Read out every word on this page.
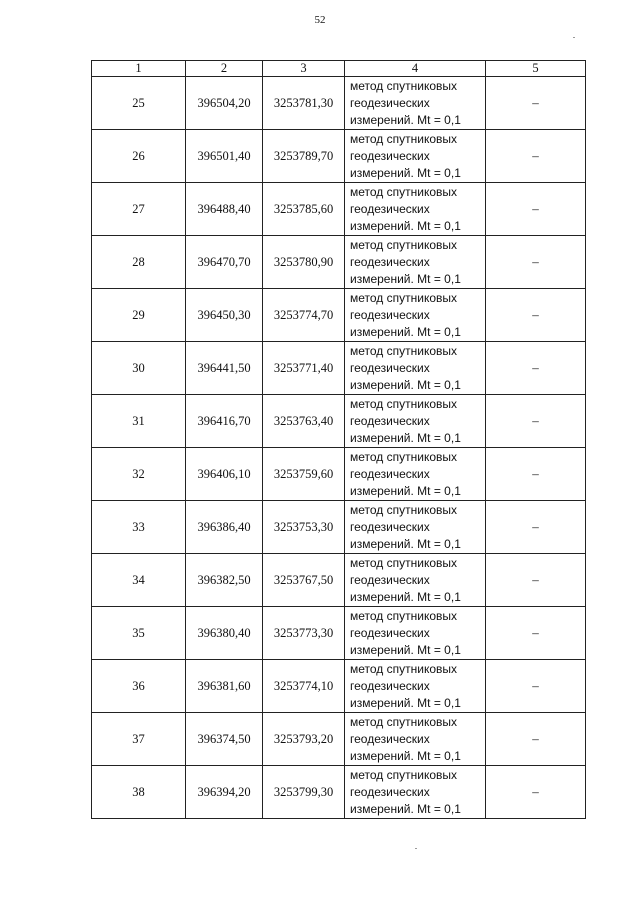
52
1	2	3	4	5
25	396504,20	3253781,30	метод спутниковых
геодезических
измерений. Mt = 0,1	–
26	396501,40	3253789,70	метод спутниковых
геодезических
измерений. Mt = 0,1	–
27	396488,40	3253785,60	метод спутниковых
геодезических
измерений. Mt = 0,1	–
28	396470,70	3253780,90	метод спутниковых
геодезических
измерений. Mt = 0,1	–
29	396450,30	3253774,70	метод спутниковых
геодезических
измерений. Mt = 0,1	–
30	396441,50	3253771,40	метод спутниковых
геодезических
измерений. Mt = 0,1	–
31	396416,70	3253763,40	метод спутниковых
геодезических
измерений. Mt = 0,1	–
32	396406,10	3253759,60	метод спутниковых
геодезических
измерений. Mt = 0,1	–
33	396386,40	3253753,30	метод спутниковых
геодезических
измерений. Mt = 0,1	–
34	396382,50	3253767,50	метод спутниковых
геодезических
измерений. Mt = 0,1	–
35	396380,40	3253773,30	метод спутниковых
геодезических
измерений. Mt = 0,1	–
36	396381,60	3253774,10	метод спутниковых
геодезических
измерений. Mt = 0,1	–
37	396374,50	3253793,20	метод спутниковых
геодезических
измерений. Mt = 0,1	–
38	396394,20	3253799,30	метод спутниковых
геодезических
измерений. Mt = 0,1	–
